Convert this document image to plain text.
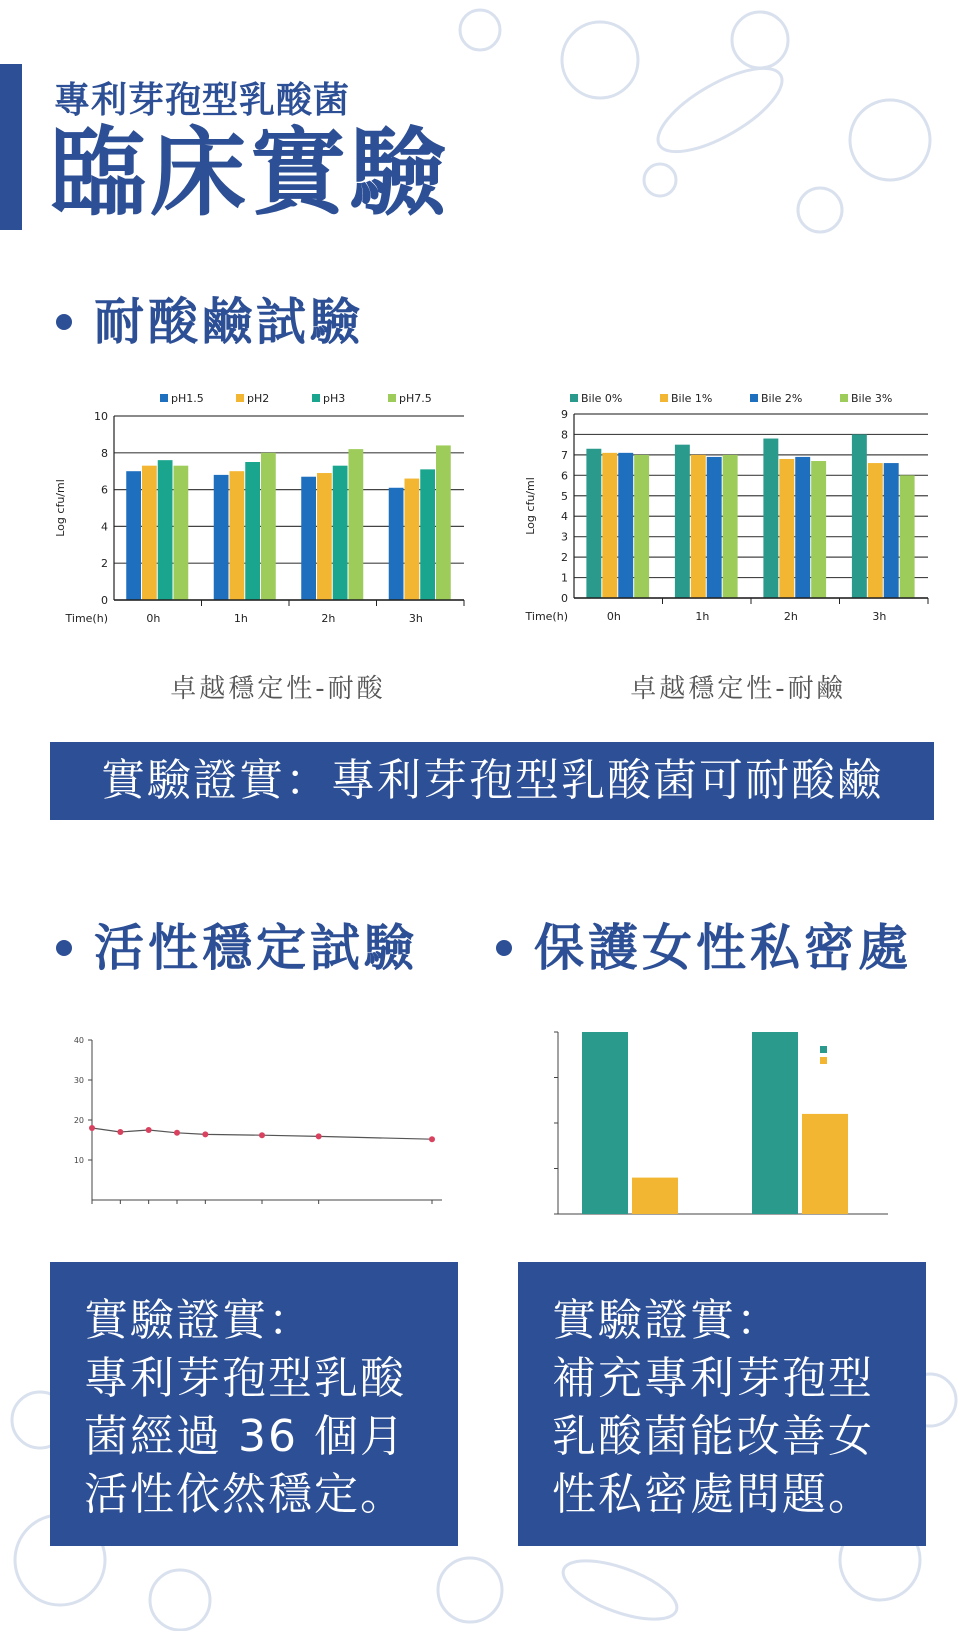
專利芽孢型乳酸菌
臨床實驗
耐酸鹼試驗
0
2
4
6
8
10
Log cfu/ml
Time(h)	0h	1h	2h	3h
pH1.5	pH2	pH3	pH7.5
卓越穩定性-耐酸
0
1
2
3
4
5
6
7
8
9
Log cfu/ml
Time(h)	0h	1h	2h	3h
Bile 0%	Bile 1%	Bile 2%	Bile 3%
卓越穩定性-耐鹼
實驗證實：專利芽孢型乳酸菌可耐酸鹼
活性穩定試驗	保護女性私密處
10
20
30
40
實驗證實：
專利芽孢型乳酸
菌經過 36 個月
活性依然穩定。
實驗證實：
補充專利芽孢型
乳酸菌能改善女
性私密處問題。
